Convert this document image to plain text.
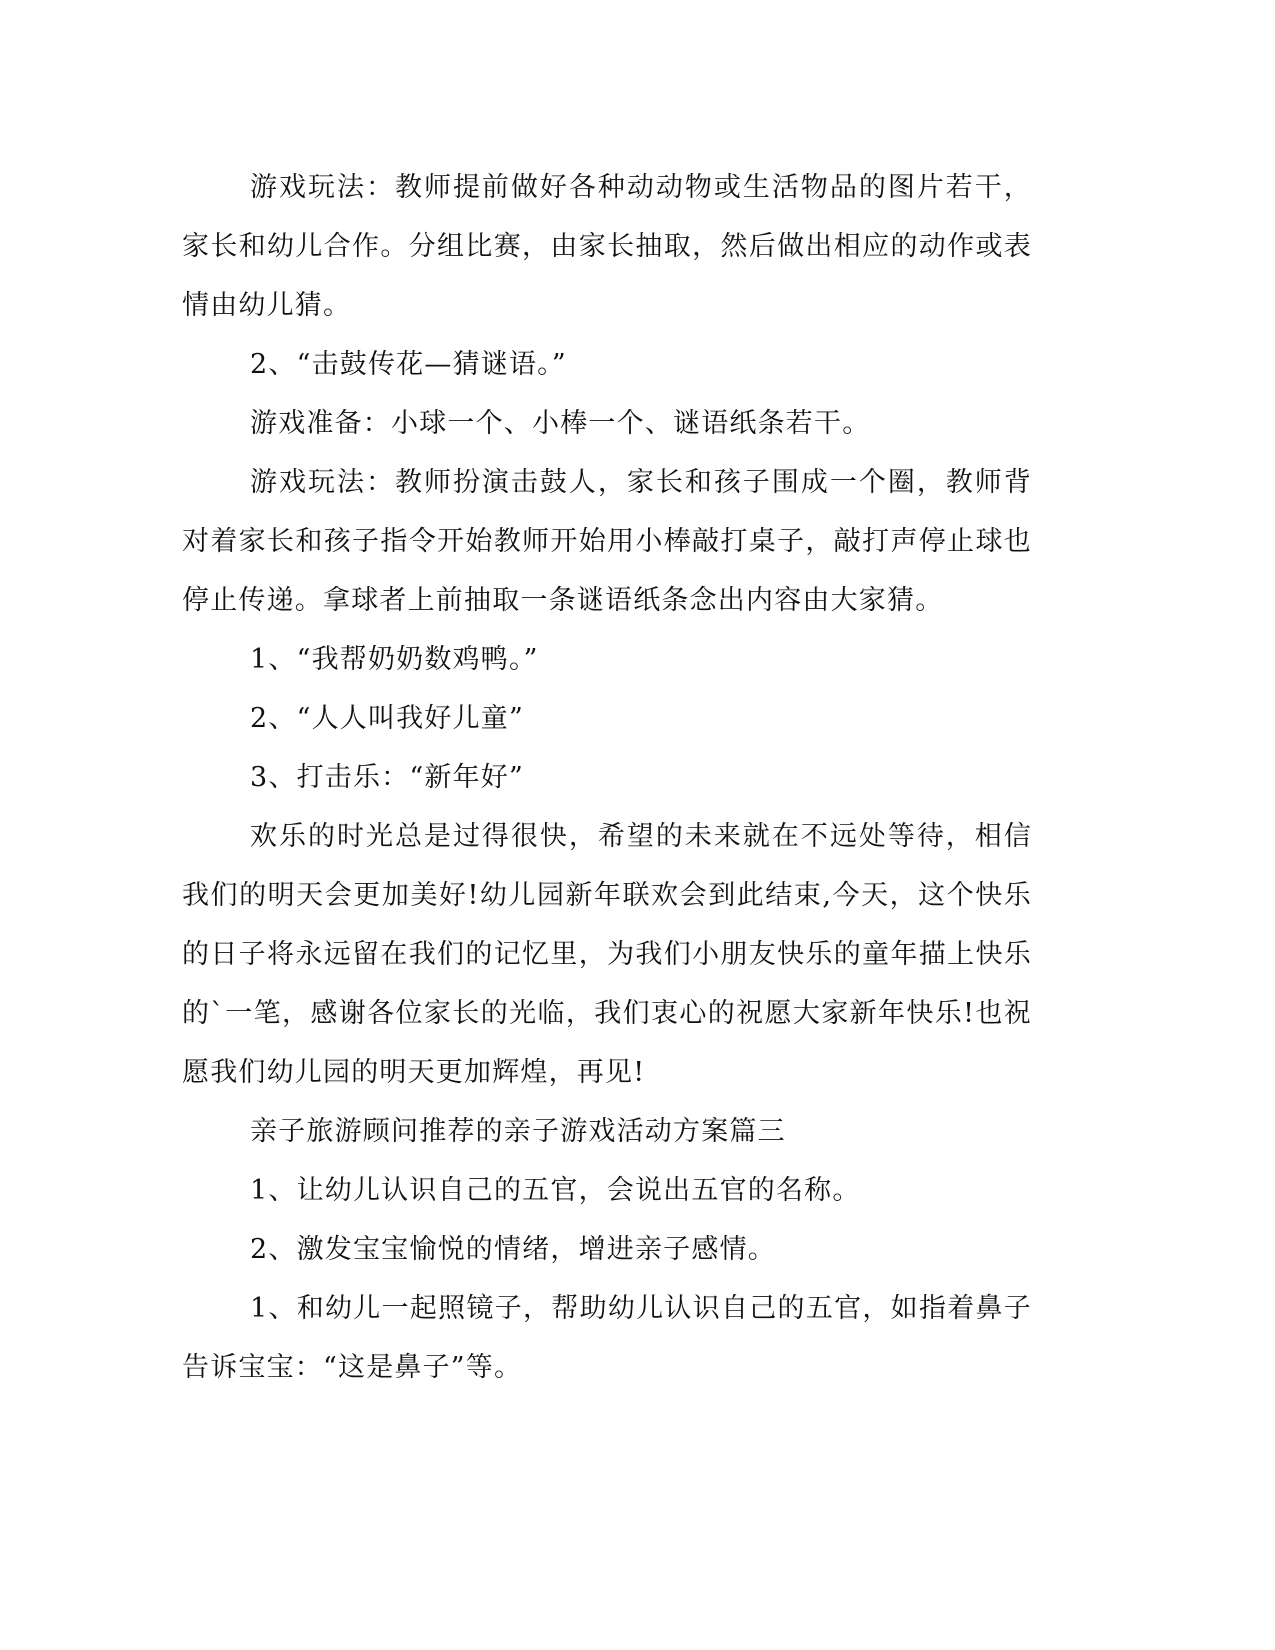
游戏玩法：教师提前做好各种动动物或生活物品的图片若干，家长和幼儿合作。分组比赛，由家长抽取，然后做出相应的动作或表情由幼儿猜。

2、“击鼓传花—猜谜语。”

游戏准备：小球一个、小棒一个、谜语纸条若干。

游戏玩法：教师扮演击鼓人，家长和孩子围成一个圈，教师背对着家长和孩子指令开始教师开始用小棒敲打桌子，敲打声停止球也停止传递。拿球者上前抽取一条谜语纸条念出内容由大家猜。

1、“我帮奶奶数鸡鸭。”

2、“人人叫我好儿童”

3、打击乐：“新年好”

欢乐的时光总是过得很快，希望的未来就在不远处等待，相信我们的明天会更加美好!幼儿园新年联欢会到此结束,今天，这个快乐的日子将永远留在我们的记忆里，为我们小朋友快乐的童年描上快乐的`一笔，感谢各位家长的光临，我们衷心的祝愿大家新年快乐!也祝愿我们幼儿园的明天更加辉煌，再见!

亲子旅游顾问推荐的亲子游戏活动方案篇三

1、让幼儿认识自己的五官，会说出五官的名称。

2、激发宝宝愉悦的情绪，增进亲子感情。

1、和幼儿一起照镜子，帮助幼儿认识自己的五官，如指着鼻子告诉宝宝：“这是鼻子”等。
